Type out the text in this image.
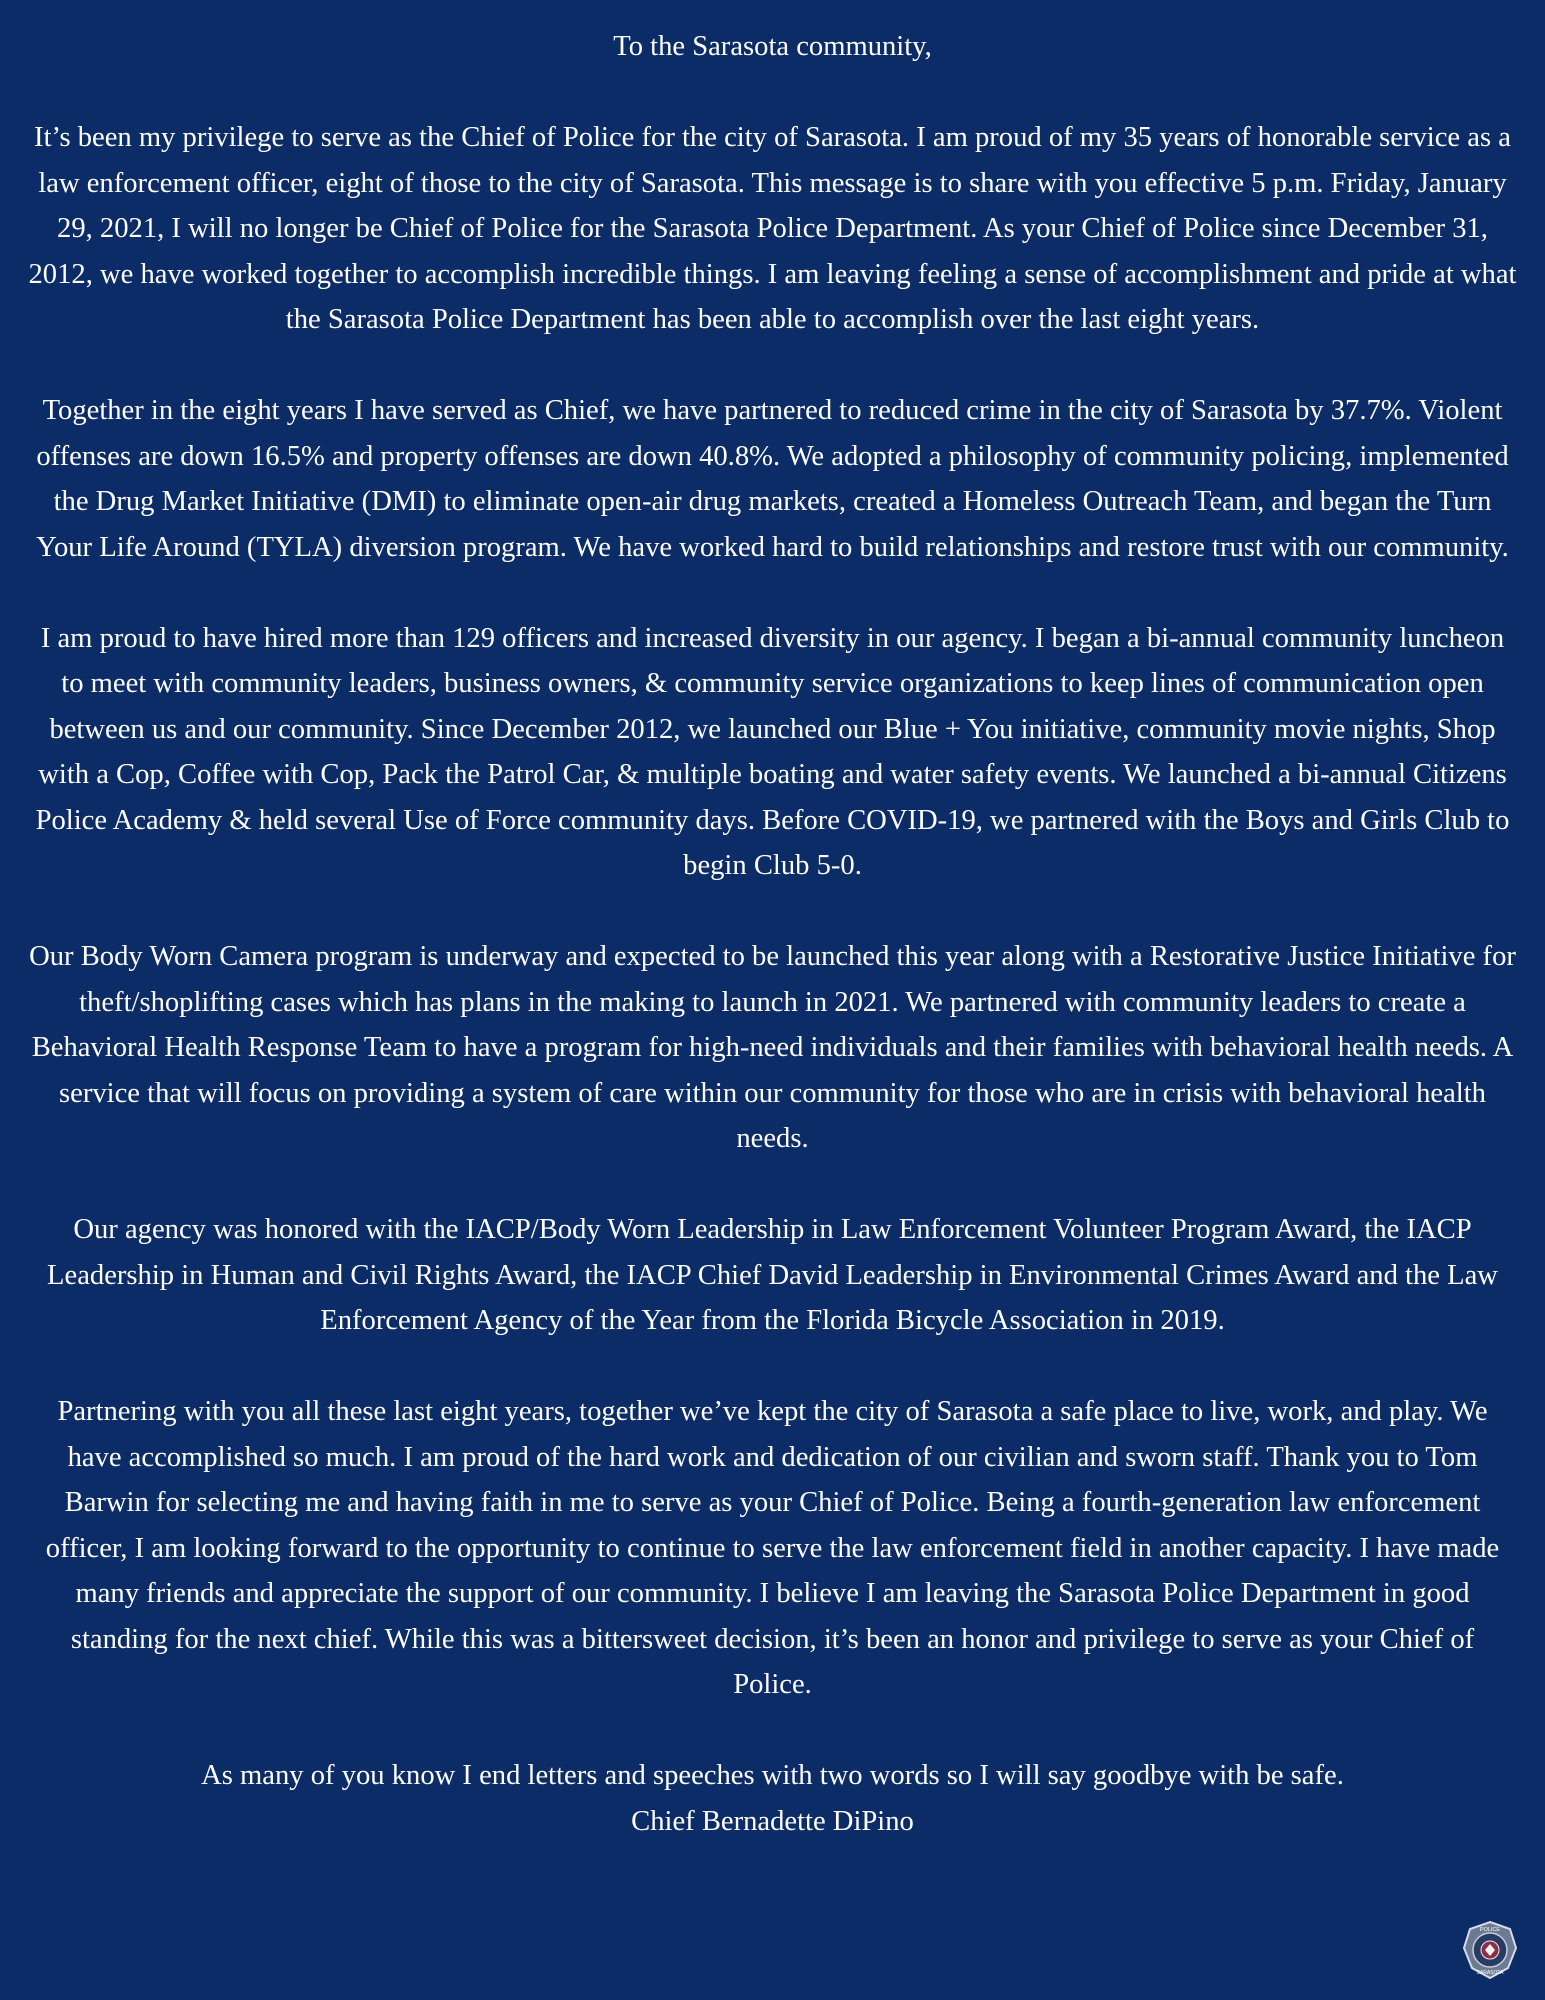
To the Sarasota community,

It’s been my privilege to serve as the Chief of Police for the city of Sarasota. I am proud of my 35 years of honorable service as a law enforcement officer, eight of those to the city of Sarasota. This message is to share with you effective 5 p.m. Friday, January 29, 2021, I will no longer be Chief of Police for the Sarasota Police Department. As your Chief of Police since December 31, 2012, we have worked together to accomplish incredible things. I am leaving feeling a sense of accomplishment and pride at what the Sarasota Police Department has been able to accomplish over the last eight years.

Together in the eight years I have served as Chief, we have partnered to reduced crime in the city of Sarasota by 37.7%. Violent offenses are down 16.5% and property offenses are down 40.8%. We adopted a philosophy of community policing, implemented the Drug Market Initiative (DMI) to eliminate open-air drug markets, created a Homeless Outreach Team, and began the Turn Your Life Around (TYLA) diversion program. We have worked hard to build relationships and restore trust with our community.

I am proud to have hired more than 129 officers and increased diversity in our agency. I began a bi-annual community luncheon to meet with community leaders, business owners, & community service organizations to keep lines of communication open between us and our community. Since December 2012, we launched our Blue + You initiative, community movie nights, Shop with a Cop, Coffee with Cop, Pack the Patrol Car, & multiple boating and water safety events. We launched a bi-annual Citizens Police Academy & held several Use of Force community days. Before COVID-19, we partnered with the Boys and Girls Club to begin Club 5-0.

Our Body Worn Camera program is underway and expected to be launched this year along with a Restorative Justice Initiative for theft/shoplifting cases which has plans in the making to launch in 2021. We partnered with community leaders to create a Behavioral Health Response Team to have a program for high-need individuals and their families with behavioral health needs. A service that will focus on providing a system of care within our community for those who are in crisis with behavioral health needs.

Our agency was honored with the IACP/Body Worn Leadership in Law Enforcement Volunteer Program Award, the IACP Leadership in Human and Civil Rights Award, the IACP Chief David Leadership in Environmental Crimes Award and the Law Enforcement Agency of the Year from the Florida Bicycle Association in 2019.

Partnering with you all these last eight years, together we’ve kept the city of Sarasota a safe place to live, work, and play. We have accomplished so much. I am proud of the hard work and dedication of our civilian and sworn staff. Thank you to Tom Barwin for selecting me and having faith in me to serve as your Chief of Police. Being a fourth-generation law enforcement officer, I am looking forward to the opportunity to continue to serve the law enforcement field in another capacity. I have made many friends and appreciate the support of our community. I believe I am leaving the Sarasota Police Department in good standing for the next chief. While this was a bittersweet decision, it’s been an honor and privilege to serve as your Chief of Police.

As many of you know I end letters and speeches with two words so I will say goodbye with be safe.

Chief Bernadette DiPino

POLICE
SARASOTA
